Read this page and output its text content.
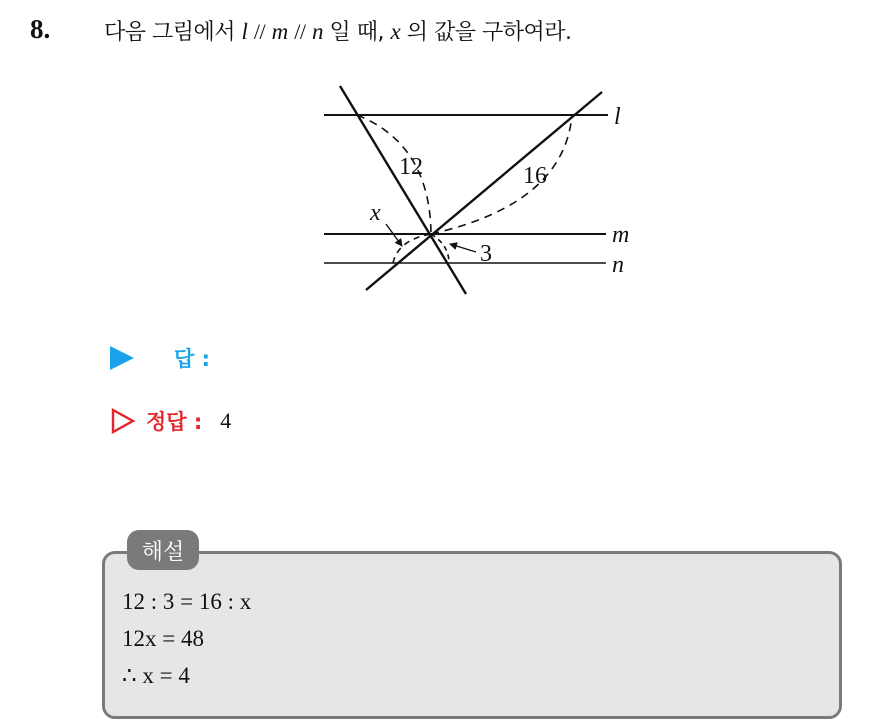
8. 다음 그림에서 l // m // n 일 때, x 의 값을 구하여라.
12	16
3
x
l
m
n
답 :
정답 : 4
해설
12 : 3 = 16 : x
12x = 48
∴ x = 4
